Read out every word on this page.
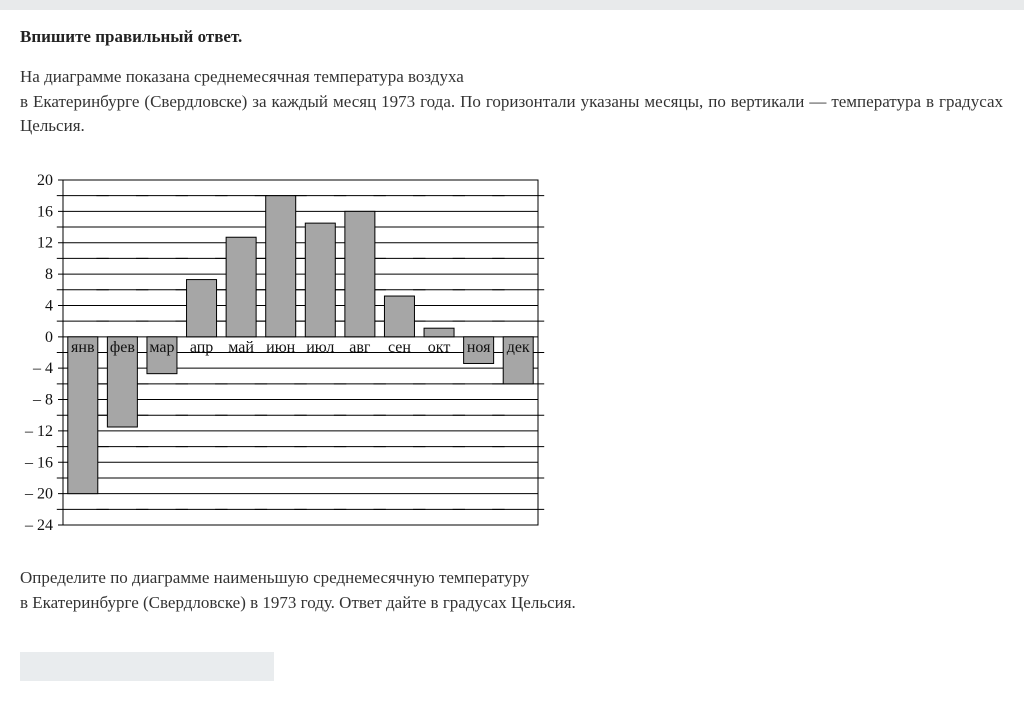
Впишите правильный ответ.
На диаграмме показана среднемесячная температура воздуха
в Екатеринбурге (Свердловске) за каждый месяц 1973 года. По горизонтали указаны месяцы, по вертикали — температура в градусах Цельсия.
20
16
12
8
4
0
– 4
– 8
– 12
– 16
– 20
– 24
янв фев мар апр май июн июл авг сен окт ноя дек
Определите по диаграмме наименьшую среднемесячную температуру
в Екатеринбурге (Свердловске) в 1973 году. Ответ дайте в градусах Цельсия.
